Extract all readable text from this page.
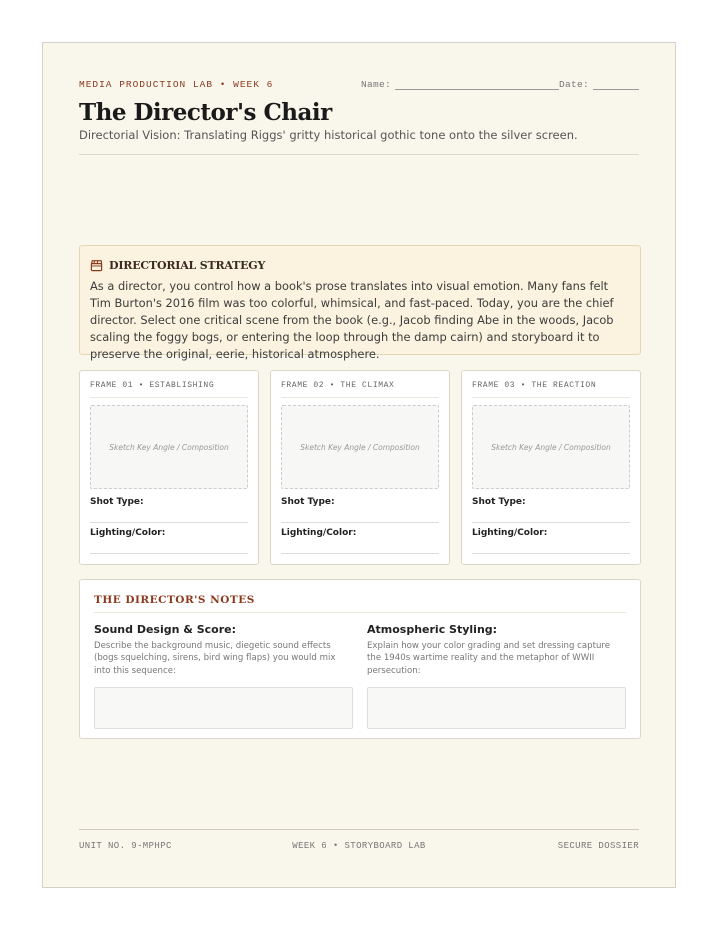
MEDIA PRODUCTION LAB • WEEK 6	Name:	Date:
The Director's Chair
Directorial Vision: Translating Riggs' gritty historical gothic tone onto the silver screen.
DIRECTORIAL STRATEGY
As a director, you control how a book's prose translates into visual emotion. Many fans felt Tim Burton's 2016 film was too colorful, whimsical, and fast-paced. Today, you are the chief director. Select one critical scene from the book (e.g., Jacob finding Abe in the woods, Jacob scaling the foggy bogs, or entering the loop through the damp cairn) and storyboard it to preserve the original, eerie, historical atmosphere.
FRAME 01 • ESTABLISHING
Sketch Key Angle / Composition
Shot Type:
Lighting/Color:
FRAME 02 • THE CLIMAX
Sketch Key Angle / Composition
Shot Type:
Lighting/Color:
FRAME 03 • THE REACTION
Sketch Key Angle / Composition
Shot Type:
Lighting/Color:
THE DIRECTOR'S NOTES
Sound Design & Score:
Describe the background music, diegetic sound effects (bogs squelching, sirens, bird wing flaps) you would mix into this sequence:
Atmospheric Styling:
Explain how your color grading and set dressing capture the 1940s wartime reality and the metaphor of WWII persecution:
UNIT NO. 9-MPHPC	WEEK 6 • STORYBOARD LAB	SECURE DOSSIER
